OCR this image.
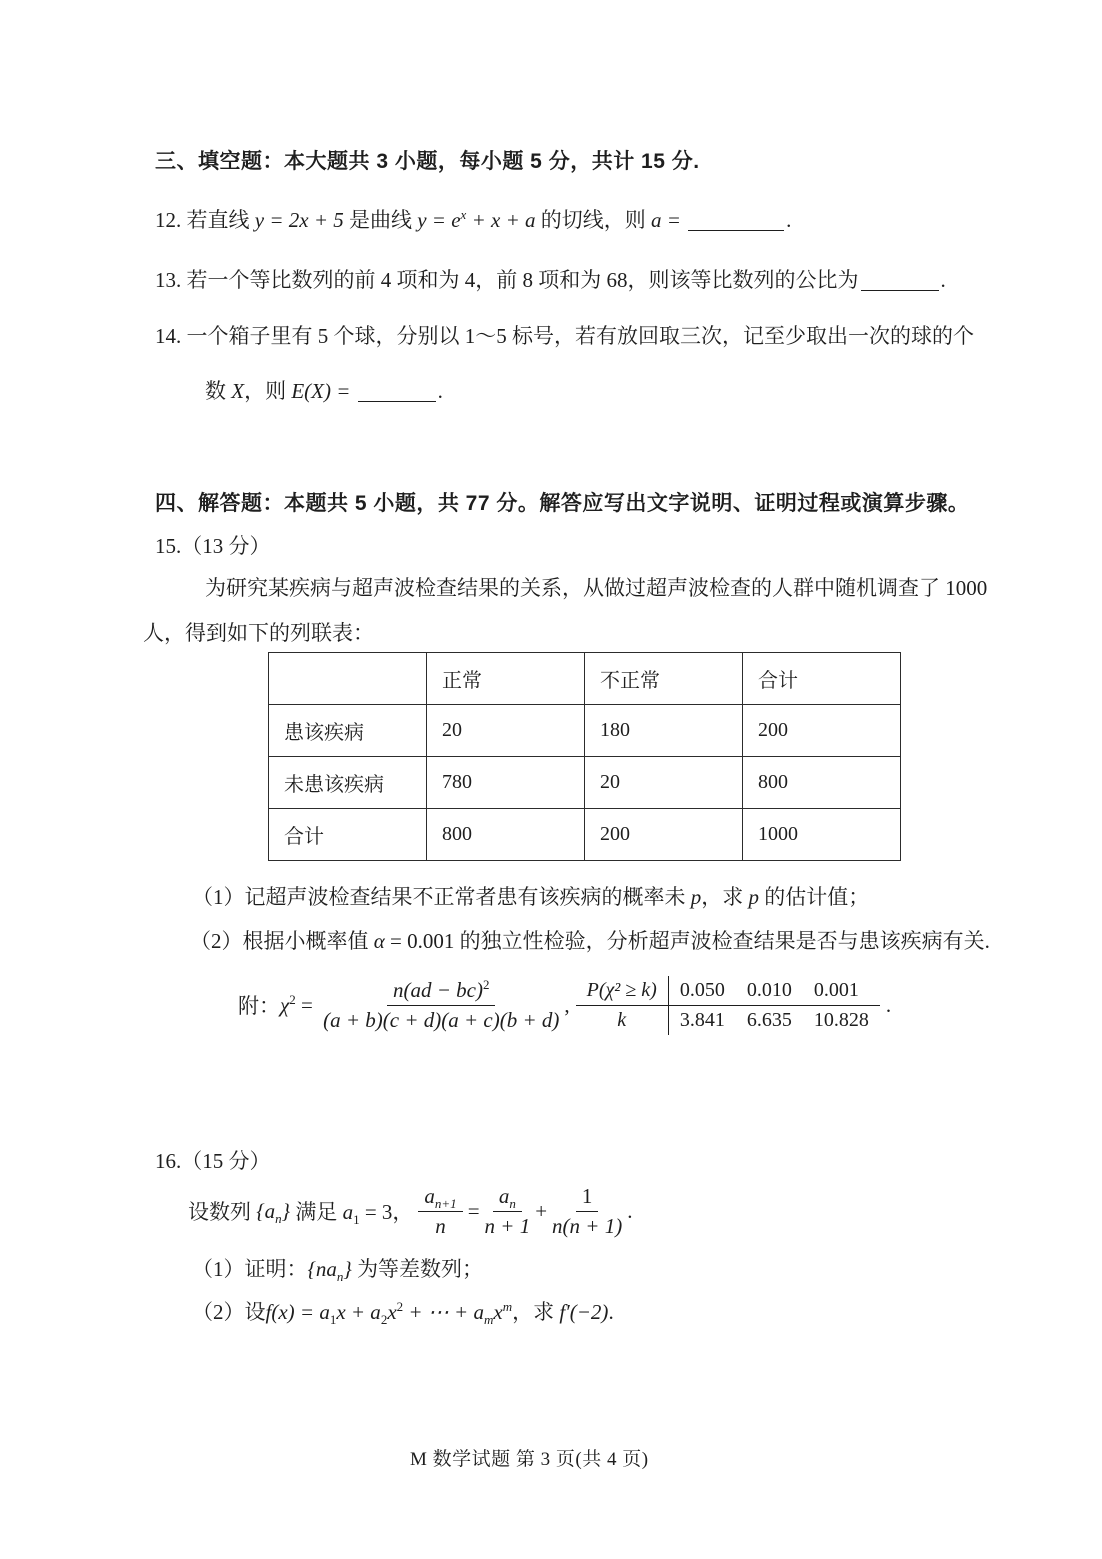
三、填空题：本大题共 3 小题，每小题 5 分，共计 15 分.
12. 若直线 y = 2x + 5 是曲线 $y = e^x + x + a$ 的切线，则 a =	.
13. 若一个等比数列的前 4 项和为 4，前 8 项和为 68，则该等比数列的公比为	.
14. 一个箱子里有 5 个球，分别以 1～5 标号，若有放回取三次，记至少取出一次的球的个
数 X，则 E(X) =	.
四、解答题：本题共 5 小题，共 77 分。解答应写出文字说明、证明过程或演算步骤。
15.（13 分）
为研究某疾病与超声波检查结果的关系，从做过超声波检查的人群中随机调查了 1000
人，得到如下的列联表：
	正常	不正常	合计
患该疾病	20	180	200
未患该疾病	780	20	800
合计	800	200	1000
（1）记超声波检查结果不正常者患有该疾病的概率未 p，求 p 的估计值；
（2）根据小概率值 α = 0.001 的独立性检验，分析超声波检查结果是否与患该疾病有关.
附： $\chi^2 = \frac{n(ad - bc)^2}{(a + b)(c + d)(a + c)(b + d)}$ ,
P(χ² ≥ k)	0.050	0.010	0.001
k	3.841	6.635	10.828
.
16.（15 分）
设数列 $\{a_n\}$ 满足 $a_1 = 3$， $\frac{a_{n+1}}{n} = \frac{a_n}{n + 1} + \frac{1}{n(n + 1)}$ .
（1）证明：$\{na_n\}$ 为等差数列；
（2）设$f(x) = a_1x + a_2x^2$ + ⋯ + $a_mx^m$，求 f′(−2).
M 数学试题 第 3 页(共 4 页)
